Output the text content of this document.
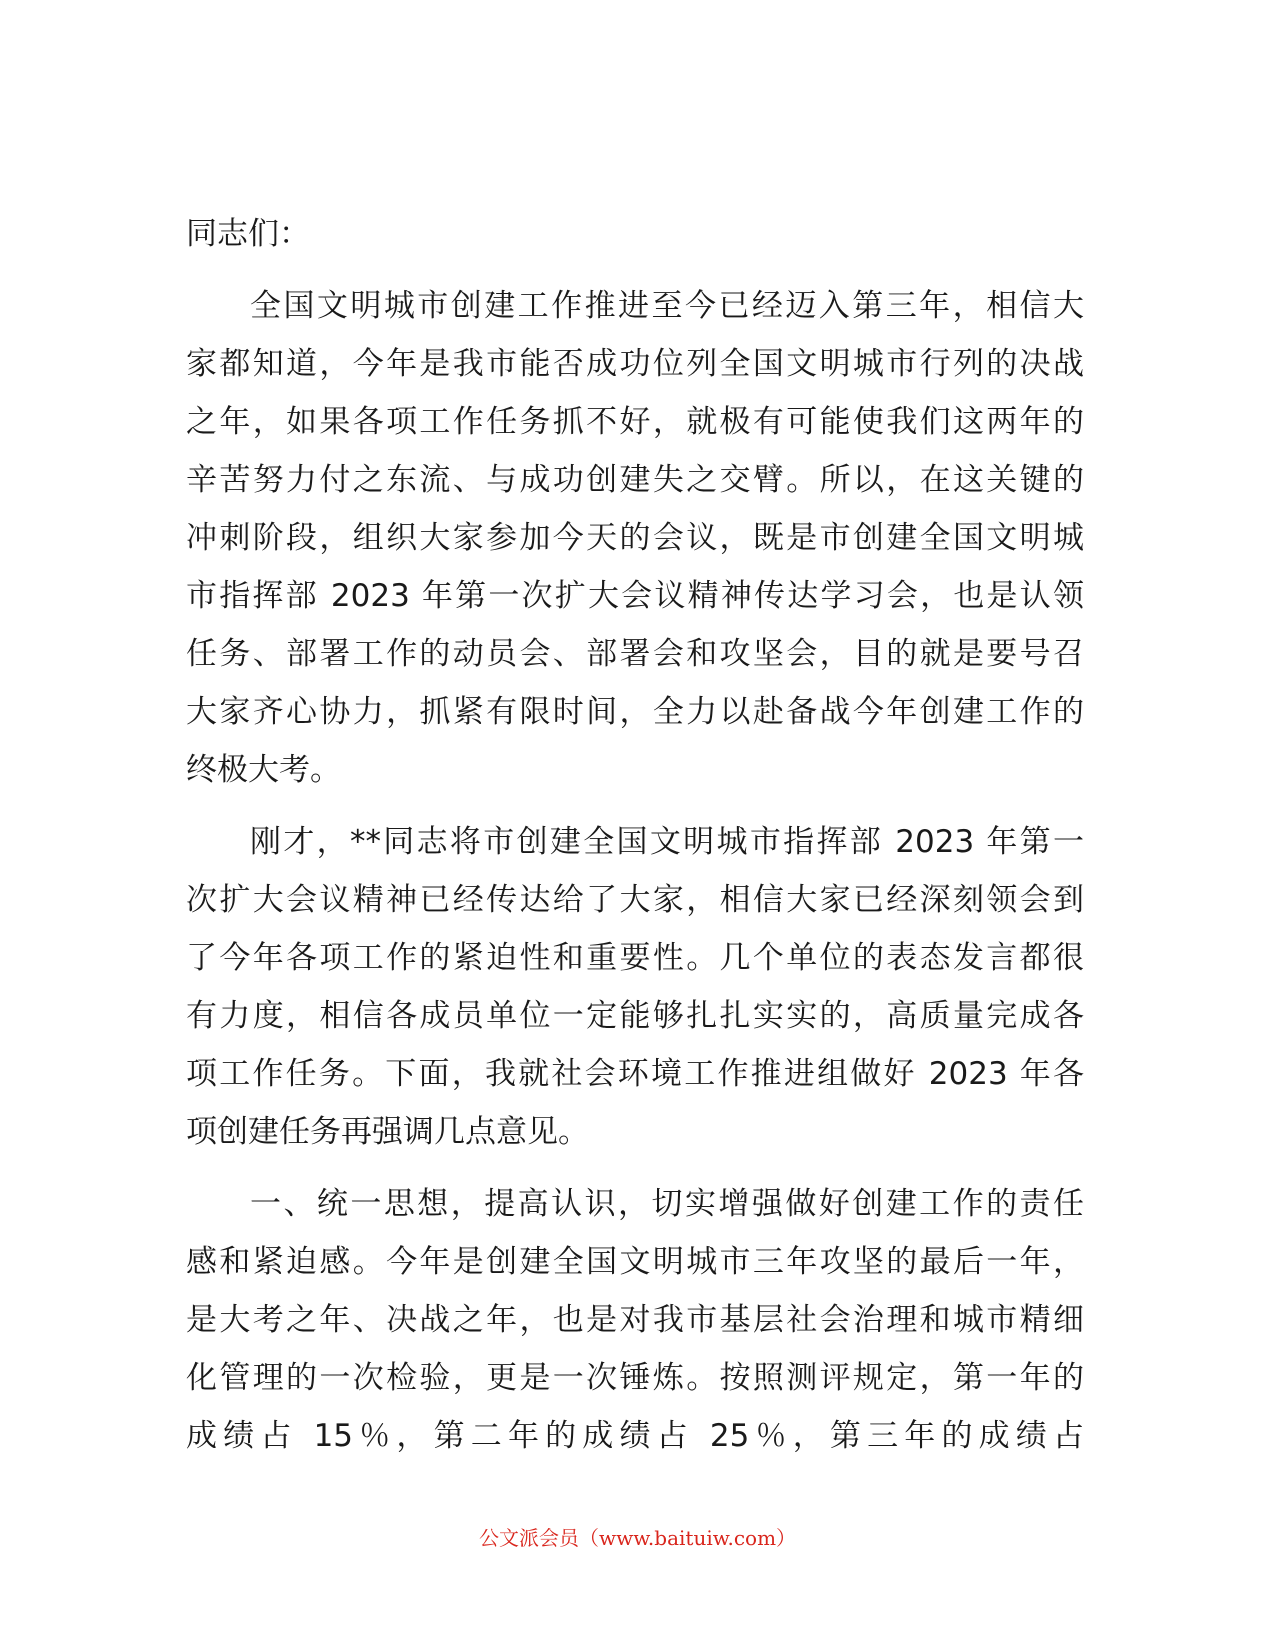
同志们：
全国文明城市创建工作推进至今已经迈入第三年，相信大
家都知道，今年是我市能否成功位列全国文明城市行列的决战
之年，如果各项工作任务抓不好，就极有可能使我们这两年的
辛苦努力付之东流、与成功创建失之交臂。所以，在这关键的
冲刺阶段，组织大家参加今天的会议，既是市创建全国文明城
市指挥部 2023 年第一次扩大会议精神传达学习会，也是认领
任务、部署工作的动员会、部署会和攻坚会，目的就是要号召
大家齐心协力，抓紧有限时间，全力以赴备战今年创建工作的
终极大考。
刚才，**同志将市创建全国文明城市指挥部 2023 年第一
次扩大会议精神已经传达给了大家，相信大家已经深刻领会到
了今年各项工作的紧迫性和重要性。几个单位的表态发言都很
有力度，相信各成员单位一定能够扎扎实实的，高质量完成各
项工作任务。下面，我就社会环境工作推进组做好 2023 年各
项创建任务再强调几点意见。
一、统一思想，提高认识，切实增强做好创建工作的责任
感和紧迫感。今年是创建全国文明城市三年攻坚的最后一年，
是大考之年、决战之年，也是对我市基层社会治理和城市精细
化管理的一次检验，更是一次锤炼。按照测评规定，第一年的
成绩占 15％，第二年的成绩占 25％，第三年的成绩占
公文派会员（www.baituiw.com）
